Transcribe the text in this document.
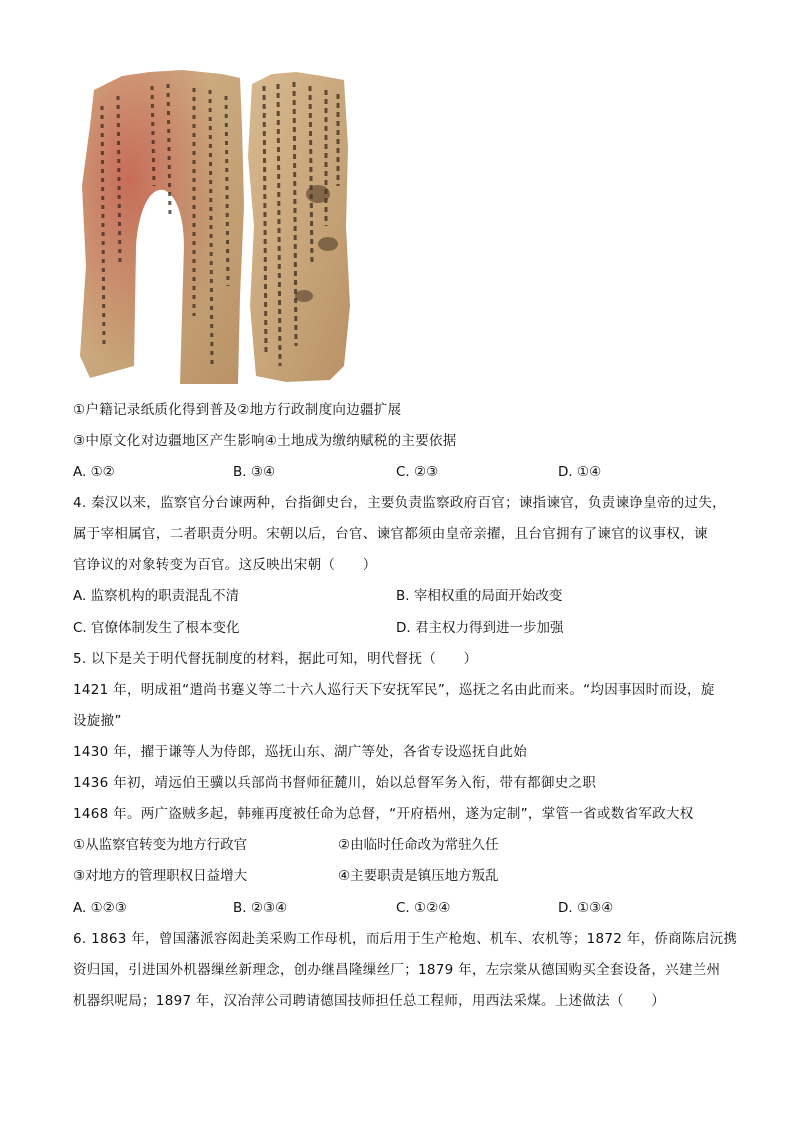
①户籍记录纸质化得到普及②地方行政制度向边疆扩展
③中原文化对边疆地区产生影响④土地成为缴纳赋税的主要依据
A. ①②	B. ③④	C. ②③	D. ①④
4. 秦汉以来，监察官分台谏两种，台指御史台，主要负责监察政府百官；谏指谏官，负责谏诤皇帝的过失，
属于宰相属官，二者职责分明。宋朝以后，台官、谏官都须由皇帝亲擢，且台官拥有了谏官的议事权，谏
官诤议的对象转变为百官。这反映出宋朝（　　）
A. 监察机构的职责混乱不清	B. 宰相权重的局面开始改变
C. 官僚体制发生了根本变化	D. 君主权力得到进一步加强
5. 以下是关于明代督抚制度的材料，据此可知，明代督抚（　　）
1421 年，明成祖“遣尚书蹇义等二十六人巡行天下安抚军民”，巡抚之名由此而来。“均因事因时而设，旋
设旋撤”
1430 年，擢于谦等人为侍郎，巡抚山东、湖广等处，各省专设巡抚自此始
1436 年初，靖远伯王骥以兵部尚书督师征麓川，始以总督军务入衔，带有都御史之职
1468 年。两广盗贼多起，韩雍再度被任命为总督，“开府梧州，遂为定制”，掌管一省或数省军政大权
①从监察官转变为地方行政官	②由临时任命改为常驻久任
③对地方的管理职权日益增大	④主要职责是镇压地方叛乱
A. ①②③	B. ②③④	C. ①②④	D. ①③④
6. 1863 年，曾国藩派容闳赴美采购工作母机，而后用于生产枪炮、机车、农机等；1872 年，侨商陈启沅携
资归国，引进国外机器缫丝新理念，创办继昌隆缫丝厂；1879 年，左宗棠从德国购买全套设备，兴建兰州
机器织呢局；1897 年，汉冶萍公司聘请德国技师担任总工程师，用西法采煤。上述做法（　　）
